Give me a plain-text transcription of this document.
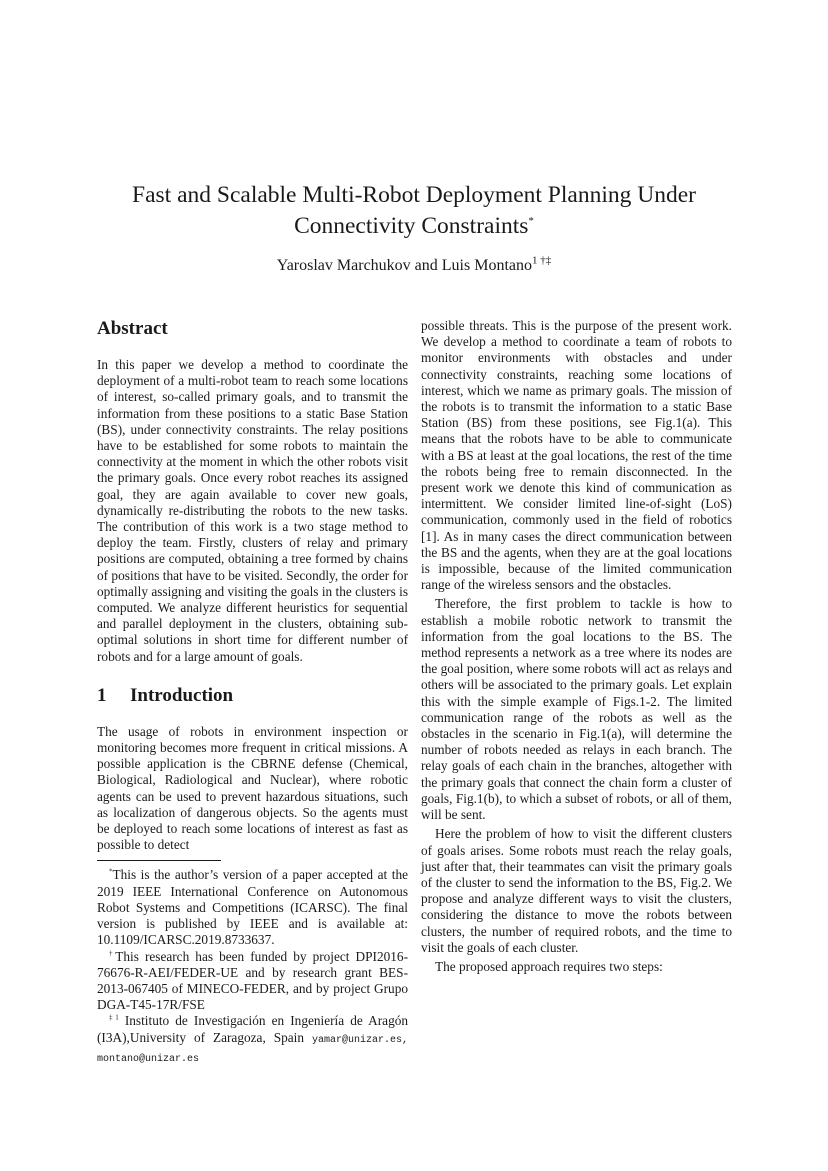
Fast and Scalable Multi-Robot Deployment Planning Under Connectivity Constraints*
Yaroslav Marchukov and Luis Montano$^{1 \dagger\ddagger}$
Abstract

In this paper we develop a method to coordinate the deployment of a multi-robot team to reach some locations of interest, so-called primary goals, and to transmit the information from these positions to a static Base Station (BS), under connectivity constraints. The relay positions have to be established for some robots to maintain the connectivity at the moment in which the other robots visit the primary goals. Once every robot reaches its assigned goal, they are again available to cover new goals, dynamically re-distributing the robots to the new tasks. The contribution of this work is a two stage method to deploy the team. Firstly, clusters of relay and primary positions are computed, obtaining a tree formed by chains of positions that have to be visited. Secondly, the order for optimally assigning and visiting the goals in the clusters is computed. We analyze different heuristics for sequential and parallel deployment in the clusters, obtaining sub-optimal solutions in short time for different number of robots and for a large amount of goals.

1 Introduction

The usage of robots in environment inspection or monitoring becomes more frequent in critical missions. A possible application is the CBRNE defense (Chemical, Biological, Radiological and Nuclear), where robotic agents can be used to prevent hazardous situations, such as localization of dangerous objects. So the agents must be deployed to reach some locations of interest as fast as possible to detect

*This is the author’s version of a paper accepted at the 2019 IEEE International Conference on Autonomous Robot Systems and Competitions (ICARSC). The final version is published by IEEE and is available at: 10.1109/ICARSC.2019.8733637.

†This research has been funded by project DPI2016-76676-R-AEI/FEDER-UE and by research grant BES-2013-067405 of MINECO-FEDER, and by project Grupo DGA-T45-17R/FSE

$^{\ddagger 1}$ Instituto de Investigación en Ingeniería de Aragón (I3A),University of Zaragoza, Spain yamar@unizar.es, montano@unizar.es

possible threats. This is the purpose of the present work. We develop a method to coordinate a team of robots to monitor environments with obstacles and under connectivity constraints, reaching some locations of interest, which we name as primary goals. The mission of the robots is to transmit the information to a static Base Station (BS) from these positions, see Fig.1(a). This means that the robots have to be able to communicate with a BS at least at the goal locations, the rest of the time the robots being free to remain disconnected. In the present work we denote this kind of communication as intermittent. We consider limited line-of-sight (LoS) communication, commonly used in the field of robotics [1]. As in many cases the direct communication between the BS and the agents, when they are at the goal locations is impossible, because of the limited communication range of the wireless sensors and the obstacles.

Therefore, the first problem to tackle is how to establish a mobile robotic network to transmit the information from the goal locations to the BS. The method represents a network as a tree where its nodes are the goal position, where some robots will act as relays and others will be associated to the primary goals. Let explain this with the simple example of Figs.1-2. The limited communication range of the robots as well as the obstacles in the scenario in Fig.1(a), will determine the number of robots needed as relays in each branch. The relay goals of each chain in the branches, altogether with the primary goals that connect the chain form a cluster of goals, Fig.1(b), to which a subset of robots, or all of them, will be sent.

Here the problem of how to visit the different clusters of goals arises. Some robots must reach the relay goals, just after that, their teammates can visit the primary goals of the cluster to send the information to the BS, Fig.2. We propose and analyze different ways to visit the clusters, considering the distance to move the robots between clusters, the number of required robots, and the time to visit the goals of each cluster.

The proposed approach requires two steps:
